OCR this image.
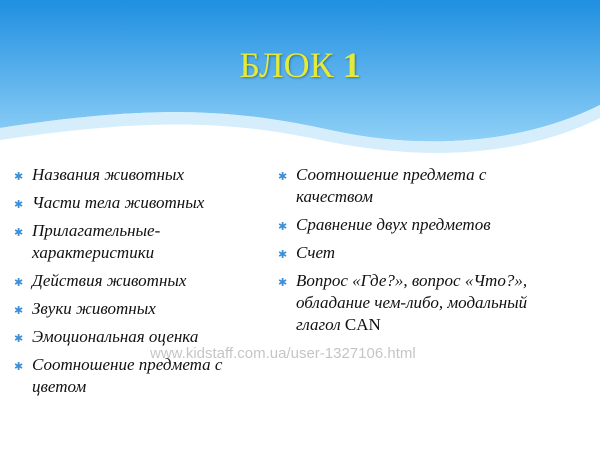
БЛОК 1
✱ Названия животных
✱ Части тела животных
✱ Прилагательные-характеристики
✱ Действия животных
✱ Звуки животных
✱ Эмоциональная оценка
✱ Соотношение предмета с цветом
✱ Соотношение предмета с качеством
✱ Сравнение двух предметов
✱ Счет
✱ Вопрос «Где?», вопрос «Что?», обладание чем-либо, модальный глагол CAN
www.kidstaff.com.ua/user-1327106.html
